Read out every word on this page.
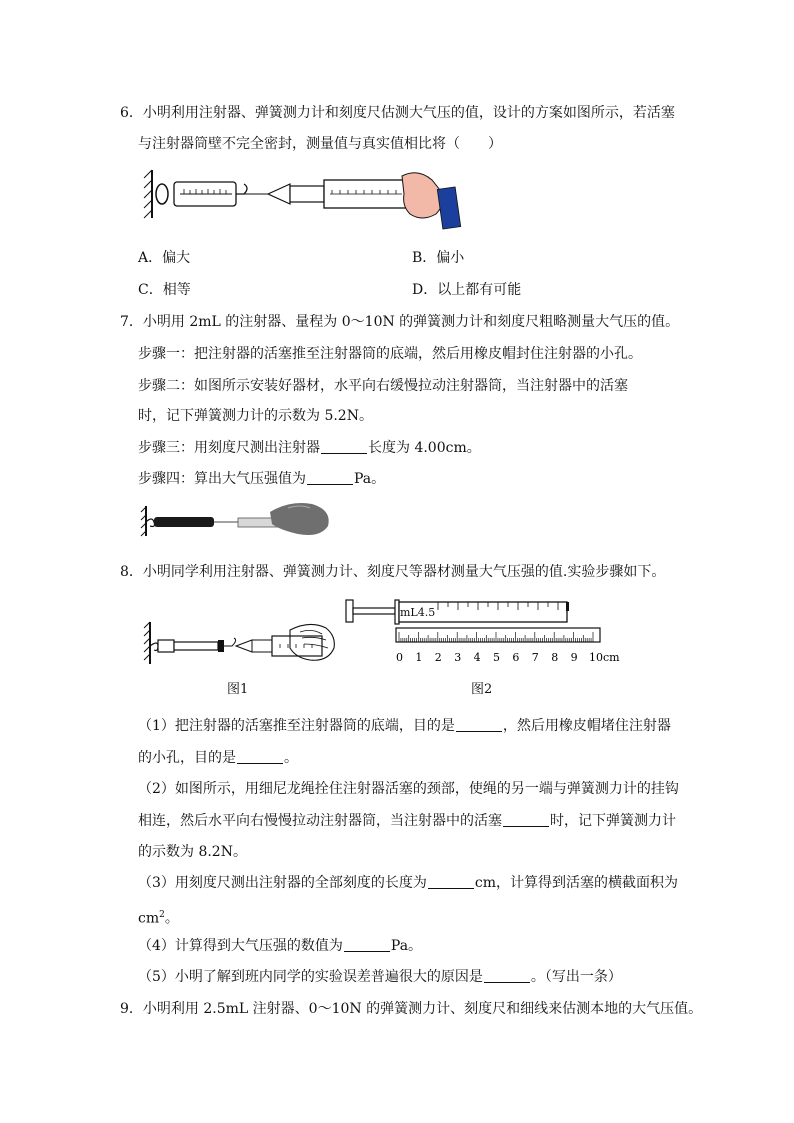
6．小明利用注射器、弹簧测力计和刻度尺估测大气压的值，设计的方案如图所示，若活塞
与注射器筒壁不完全密封，测量值与真实值相比将（　　）
A．偏大	B．偏小
C．相等	D．以上都有可能
7．小明用 2mL 的注射器、量程为 0～10N 的弹簧测力计和刻度尺粗略测量大气压的值。
步骤一：把注射器的活塞推至注射器筒的底端，然后用橡皮帽封住注射器的小孔。
步骤二：如图所示安装好器材，水平向右缓慢拉动注射器筒，当注射器中的活塞
时，记下弹簧测力计的示数为 5.2N。
步骤三：用刻度尺测出注射器	长度为 4.00cm。
步骤四：算出大气压强值为	Pa。
8．小明同学利用注射器、弹簧测力计、刻度尺等器材测量大气压强的值.实验步骤如下。
图1
mL4.5
0 1 2 3 4 5 6 7 8 9 10cm
图2
（1）把注射器的活塞推至注射器筒的底端，目的是	，然后用橡皮帽堵住注射器
的小孔，目的是	。
（2）如图所示，用细尼龙绳拴住注射器活塞的颈部，使绳的另一端与弹簧测力计的挂钩
相连，然后水平向右慢慢拉动注射器筒，当注射器中的活塞	时，记下弹簧测力计
的示数为 8.2N。
（3）用刻度尺测出注射器的全部刻度的长度为	cm，计算得到活塞的横截面积为
$cm^2$。
（4）计算得到大气压强的数值为	Pa。
（5）小明了解到班内同学的实验误差普遍很大的原因是	。（写出一条）
9．小明利用 2.5mL 注射器、0～10N 的弹簧测力计、刻度尺和细线来估测本地的大气压值。
